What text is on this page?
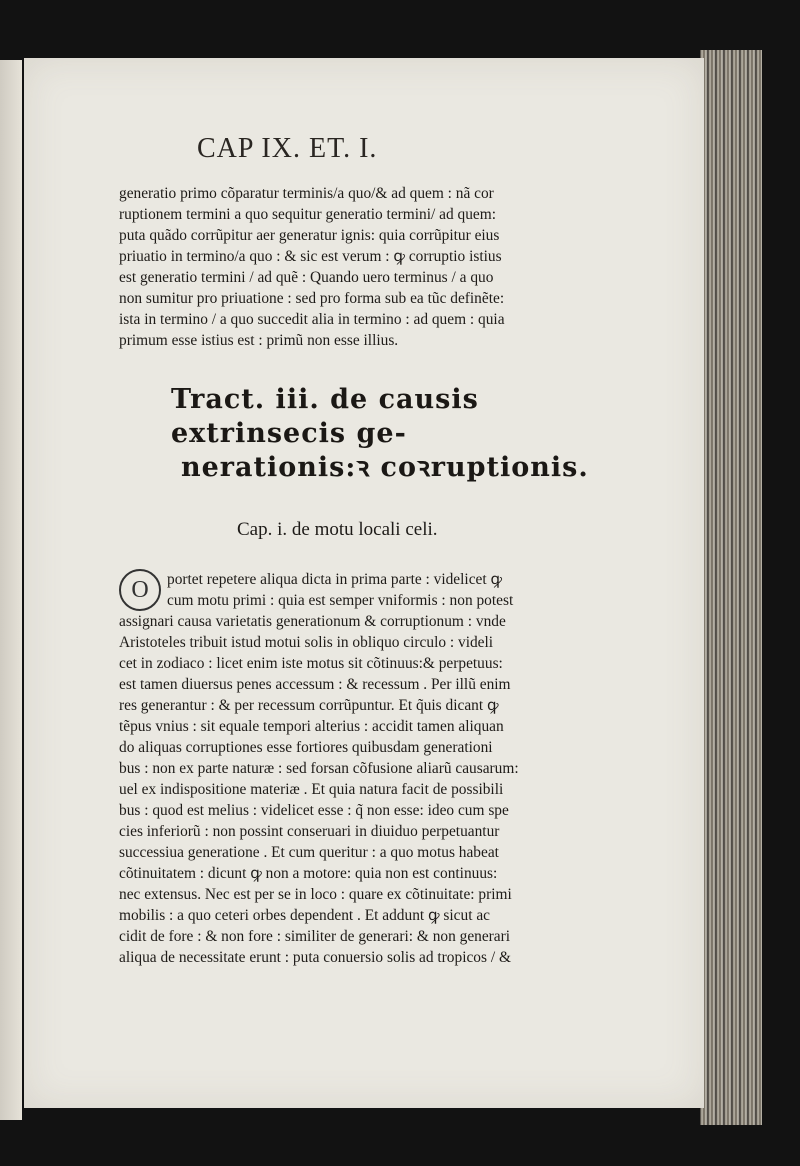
CAP IX. ET. I.

generatio primo cõparatur terminis/a quo/& ad quem : nã cor
ruptionem termini a quo sequitur generatio termini/ ad quem:
puta quãdo corrũpitur aer generatur ignis: quia corrũpitur eius
priuatio in termino/a quo : & sic est verum : ꝙ corruptio istius
est generatio termini / ad quẽ : Quando uero terminus / a quo
non sumitur pro priuatione : sed pro forma sub ea tũc definẽte:
ista in termino / a quo succedit alia in termino : ad quem : quia
primum esse istius est : primũ non esse illius.

Tract. iii. de causis extrinsecis ge-
nerationis:ꝛ coꝛruptionis.
Cap. i. de motu locali celi.
O	portet repetere aliqua dicta in prima parte : videlicet ꝙ
cum motu primi : quia est semper vniformis : non potest
assignari causa varietatis generationum & corruptionum : vnde
Aristoteles tribuit istud motui solis in obliquo circulo : videli
cet in zodiaco : licet enim iste motus sit cõtinuus:& perpetuus:
est tamen diuersus penes accessum : & recessum . Per illũ enim
res generantur : & per recessum corrũpuntur. Et q̃uis dicant ꝙ
tẽpus vnius : sit equale tempori alterius : accidit tamen aliquan
do aliquas corruptiones esse fortiores quibusdam generationi
bus : non ex parte naturæ : sed forsan cõfusione aliarũ causarum:
uel ex indispositione materiæ . Et quia natura facit de possibili
bus : quod est melius : videlicet esse : q̃ non esse: ideo cum spe
cies inferiorũ : non possint conseruari in diuiduo perpetuantur
successiua generatione . Et cum queritur : a quo motus habeat
cõtinuitatem : dicunt ꝙ non a motore: quia non est continuus:
nec extensus. Nec est per se in loco : quare ex cõtinuitate: primi
mobilis : a quo ceteri orbes dependent . Et addunt ꝙ sicut ac
cidit de fore : & non fore : similiter de generari: & non generari
aliqua de necessitate erunt : puta conuersio solis ad tropicos / &
